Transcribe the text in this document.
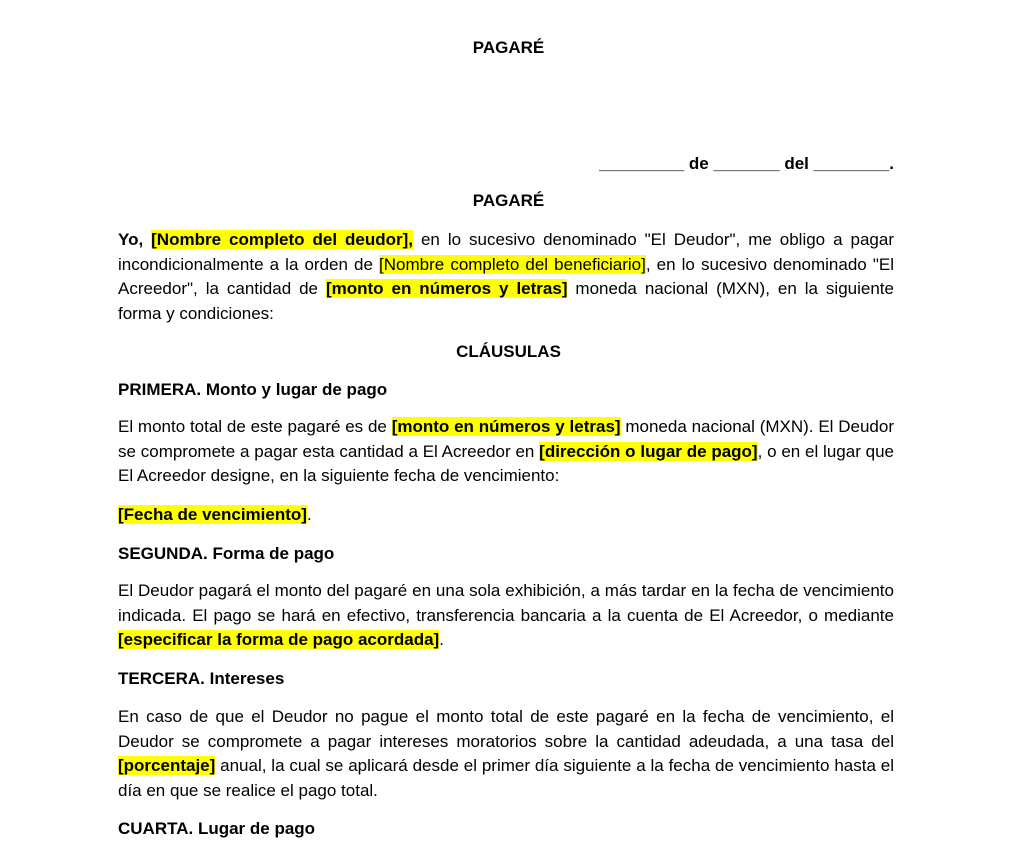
PAGARÉ

_________ de _______ del ________.

PAGARÉ

Yo, [Nombre completo del deudor], en lo sucesivo denominado "El Deudor", me obligo a pagar incondicionalmente a la orden de [Nombre completo del beneficiario], en lo sucesivo denominado "El Acreedor", la cantidad de [monto en números y letras] moneda nacional (MXN), en la siguiente forma y condiciones:

CLÁUSULAS

PRIMERA. Monto y lugar de pago

El monto total de este pagaré es de [monto en números y letras] moneda nacional (MXN). El Deudor se compromete a pagar esta cantidad a El Acreedor en [dirección o lugar de pago], o en el lugar que El Acreedor designe, en la siguiente fecha de vencimiento:

[Fecha de vencimiento].

SEGUNDA. Forma de pago

El Deudor pagará el monto del pagaré en una sola exhibición, a más tardar en la fecha de vencimiento indicada. El pago se hará en efectivo, transferencia bancaria a la cuenta de El Acreedor, o mediante [especificar la forma de pago acordada].

TERCERA. Intereses

En caso de que el Deudor no pague el monto total de este pagaré en la fecha de vencimiento, el Deudor se compromete a pagar intereses moratorios sobre la cantidad adeudada, a una tasa del [porcentaje] anual, la cual se aplicará desde el primer día siguiente a la fecha de vencimiento hasta el día en que se realice el pago total.

CUARTA. Lugar de pago
